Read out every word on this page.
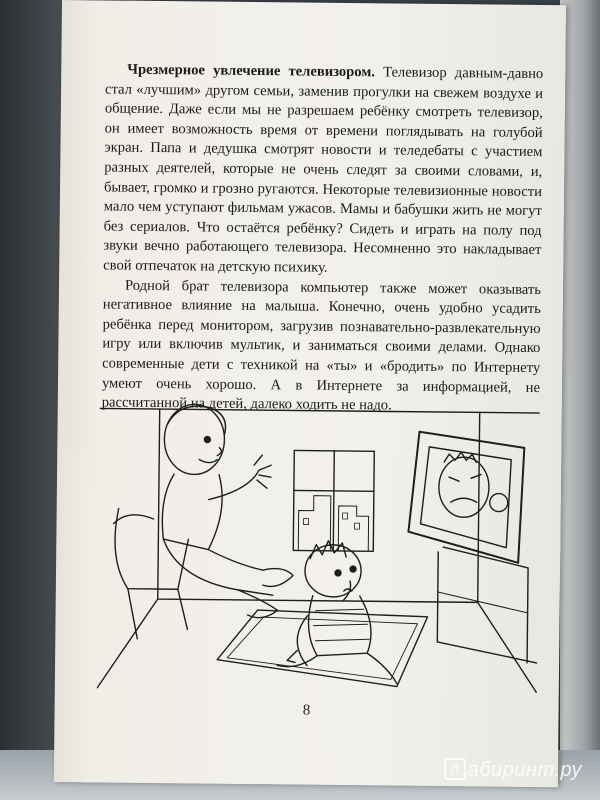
Чрезмерное увлечение телевизором. Телевизор давным-давно стал «лучшим» другом семьи, заменив прогулки на свежем воздухе и общение. Даже если мы не разрешаем ребёнку смотреть телевизор, он имеет возможность время от времени поглядывать на голубой экран. Папа и дедушка смотрят новости и теледебаты с участием разных деятелей, которые не очень следят за своими словами, и, бывает, громко и грозно ругаются. Некоторые телевизионные новости мало чем уступают фильмам ужасов. Мамы и бабушки жить не могут без сериалов. Что остаётся ребёнку? Сидеть и играть на полу под звуки вечно работающего телевизора. Несомненно это накладывает свой отпечаток на детскую психику.

Родной брат телевизора компьютер также может оказывать негативное влияние на малыша. Конечно, очень удобно усадить ребёнка перед монитором, загрузив познавательно-развлекательную игру или включив мультик, и заниматься своими делами. Однако современные дети с техникой на «ты» и «бродить» по Интернету умеют очень хорошо. А в Интернете за информацией, не рассчитанной на детей, далеко ходить не надо.

8
Л абиринт.ру
